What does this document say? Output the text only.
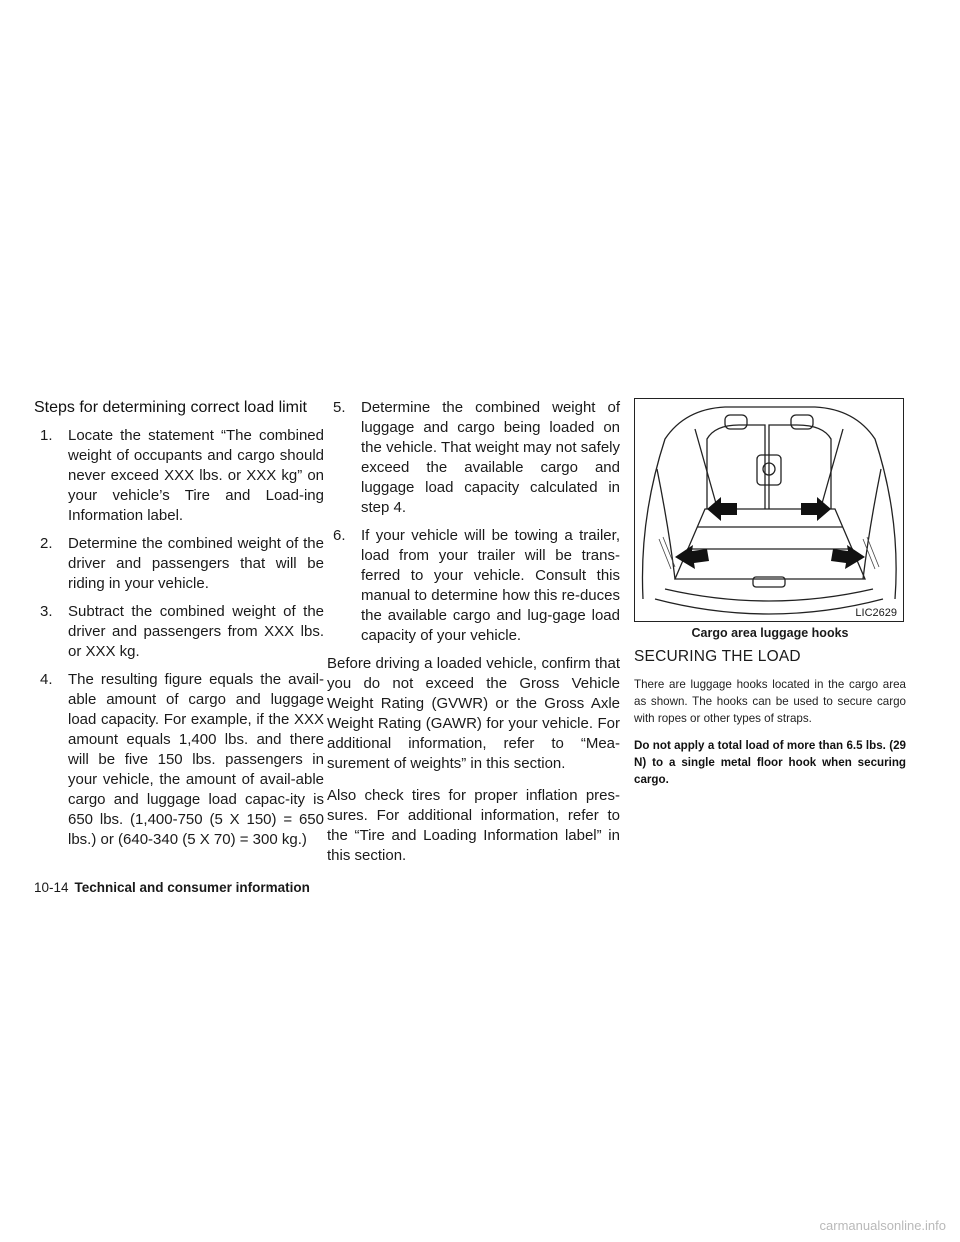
Steps for determining correct load limit
1. Locate the statement “The combined weight of occupants and cargo should never exceed XXX lbs. or XXX kg” on your vehicle’s Tire and Load-ing Information label.
2. Determine the combined weight of the driver and passengers that will be riding in your vehicle.
3. Subtract the combined weight of the driver and passengers from XXX lbs. or XXX kg.
4. The resulting figure equals the avail-able amount of cargo and luggage load capacity. For example, if the XXX amount equals 1,400 lbs. and there will be five 150 lbs. passengers in your vehicle, the amount of avail-able cargo and luggage load capac-ity is 650 lbs. (1,400-750 (5 X 150) = 650 lbs.) or (640-340 (5 X 70) = 300 kg.)
5. Determine the combined weight of luggage and cargo being loaded on the vehicle. That weight may not safely exceed the available cargo and luggage load capacity calculated in step 4.
6. If your vehicle will be towing a trailer, load from your trailer will be trans-ferred to your vehicle. Consult this manual to determine how this re-duces the available cargo and lug-gage load capacity of your vehicle.

Before driving a loaded vehicle, confirm that you do not exceed the Gross Vehicle Weight Rating (GVWR) or the Gross Axle Weight Rating (GAWR) for your vehicle. For additional information, refer to “Mea-surement of weights” in this section.

Also check tires for proper inflation pres-sures. For additional information, refer to the “Tire and Loading Information label” in this section.

LIC2629
Cargo area luggage hooks
SECURING THE LOAD

There are luggage hooks located in the cargo area as shown. The hooks can be used to secure cargo with ropes or other types of straps.

Do not apply a total load of more than 6.5 lbs. (29 N) to a single metal floor hook when securing cargo.

10-14 Technical and consumer information
carmanualsonline.info
